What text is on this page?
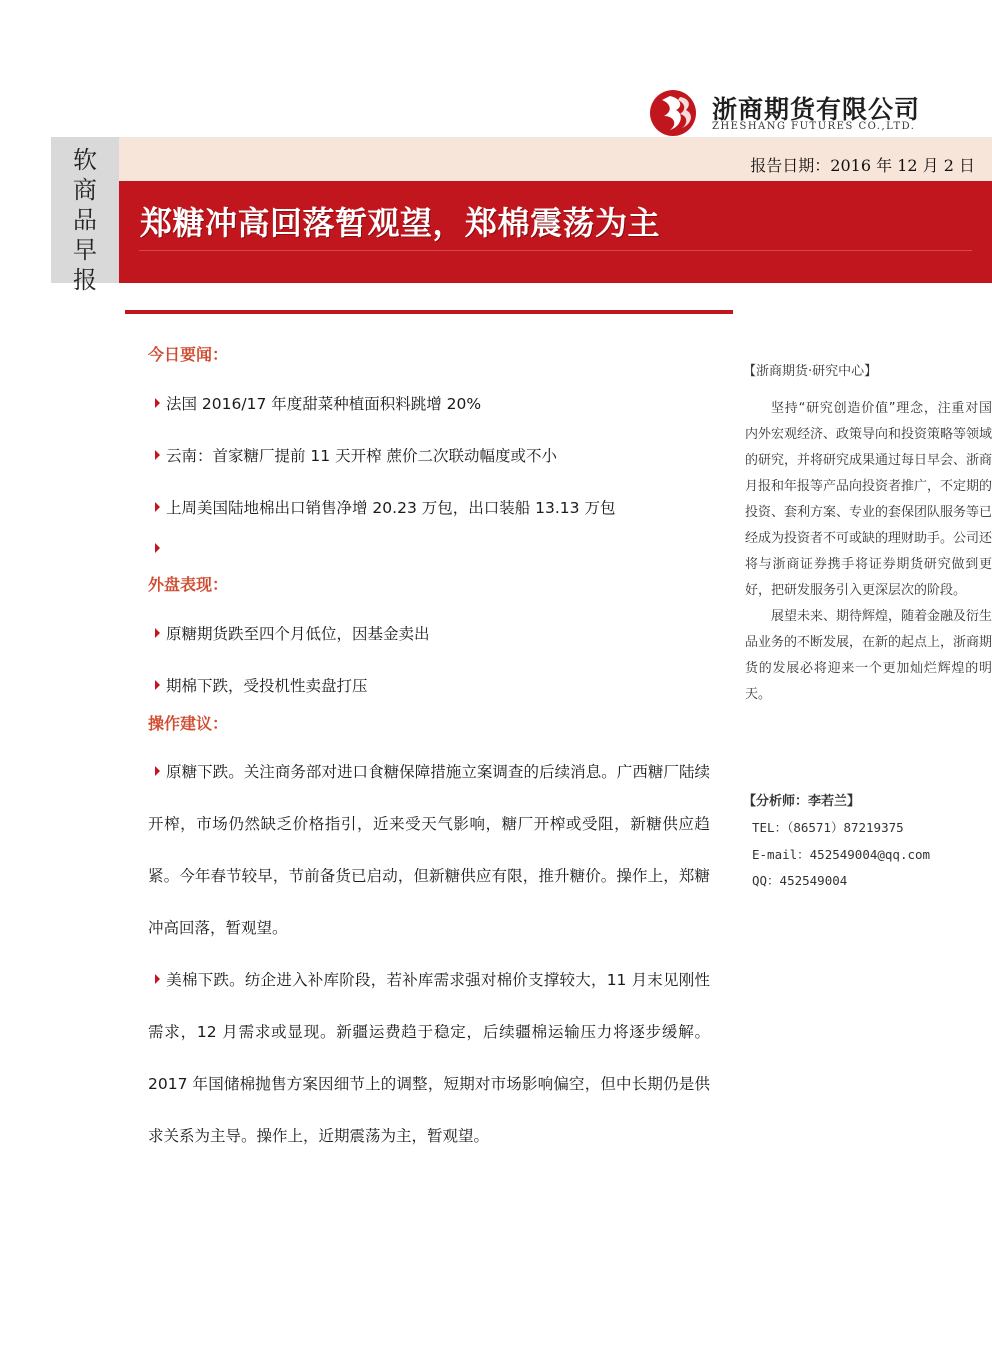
浙商期货有限公司
ZHESHANG FUTURES CO.,LTD.
软
商
品
早
报
报告日期：2016 年 12 月 2 日
郑糖冲高回落暂观望，郑棉震荡为主
今日要闻：
法国 2016/17 年度甜菜种植面积料跳增 20%
云南：首家糖厂提前 11 天开榨 蔗价二次联动幅度或不小
上周美国陆地棉出口销售净增 20.23 万包，出口装船 13.13 万包
外盘表现：
原糖期货跌至四个月低位，因基金卖出
期棉下跌，受投机性卖盘打压
操作建议：
原糖下跌。关注商务部对进口食糖保障措施立案调查的后续消息。广西糖厂陆续开榨，市场仍然缺乏价格指引，近来受天气影响，糖厂开榨或受阻，新糖供应趋紧。今年春节较早，节前备货已启动，但新糖供应有限，推升糖价。操作上，郑糖冲高回落，暂观望。
美棉下跌。纺企进入补库阶段，若补库需求强对棉价支撑较大，11 月末见刚性需求，12 月需求或显现。新疆运费趋于稳定，后续疆棉运输压力将逐步缓解。2017 年国储棉抛售方案因细节上的调整，短期对市场影响偏空，但中长期仍是供求关系为主导。操作上，近期震荡为主，暂观望。
【浙商期货·研究中心】

坚持“研究创造价值”理念，注重对国内外宏观经济、政策导向和投资策略等领域的研究，并将研究成果通过每日早会、浙商月报和年报等产品向投资者推广，不定期的投资、套利方案、专业的套保团队服务等已经成为投资者不可或缺的理财助手。公司还将与浙商证券携手将证券期货研究做到更好，把研发服务引入更深层次的阶段。

展望未来、期待辉煌，随着金融及衍生品业务的不断发展，在新的起点上，浙商期货的发展必将迎来一个更加灿烂辉煌的明天。

【分析师：李若兰】
TEL：（86571）87219375
E-mail：452549004@qq.com
QQ：452549004
